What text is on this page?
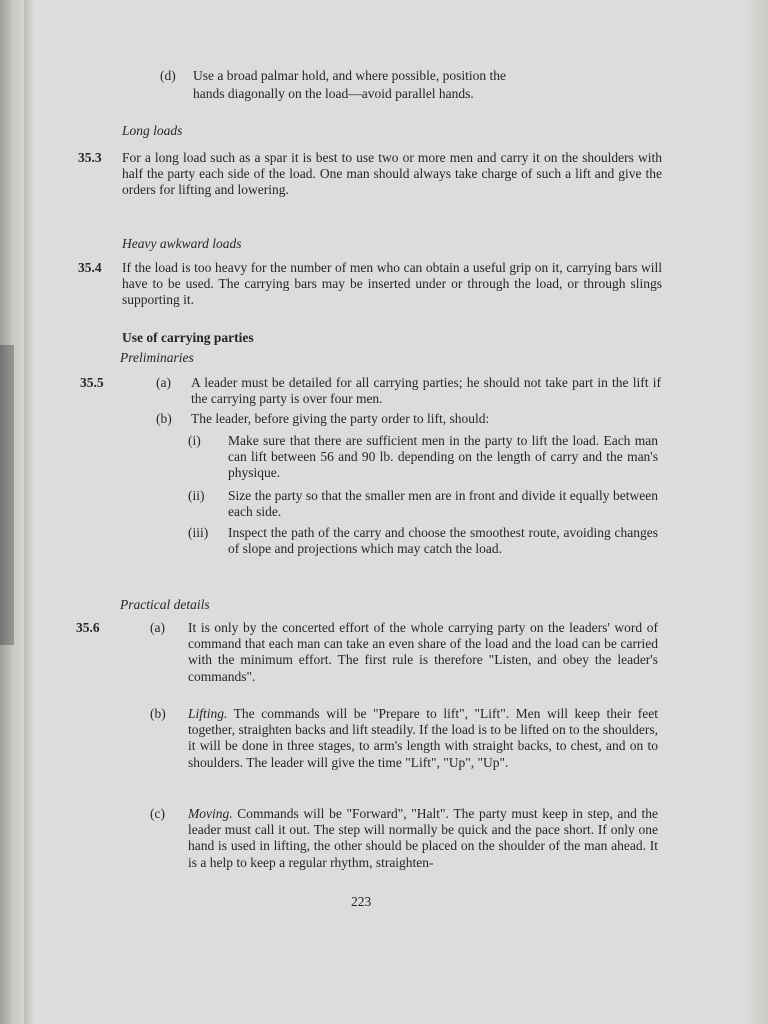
(d) Use a broad palmar hold, and where possible, position the
hands diagonally on the load—avoid parallel hands.
Long loads
35.3 For a long load such as a spar it is best to use two or more men and carry it on the shoulders with half the party each side of the load. One man should always take charge of such a lift and give the orders for lifting and lowering.
Heavy awkward loads
35.4 If the load is too heavy for the number of men who can obtain a useful grip on it, carrying bars will have to be used. The carrying bars may be inserted under or through the load, or through slings supporting it.
Use of carrying parties
Preliminaries
35.5	(a) A leader must be detailed for all carrying parties; he should not take part in the lift if the carrying party is over four men.
(b) The leader, before giving the party order to lift, should:
(i) Make sure that there are sufficient men in the party to lift the load. Each man can lift between 56 and 90 lb. depending on the length of carry and the man's physique.
(ii) Size the party so that the smaller men are in front and divide it equally between each side.
(iii) Inspect the path of the carry and choose the smoothest route, avoiding changes of slope and projections which may catch the load.
Practical details
35.6	(a) It is only by the concerted effort of the whole carrying party on the leaders' word of command that each man can take an even share of the load and the load can be carried with the minimum effort. The first rule is therefore "Listen, and obey the leader's commands".
(b) Lifting. The commands will be "Prepare to lift", "Lift". Men will keep their feet together, straighten backs and lift steadily. If the load is to be lifted on to the shoulders, it will be done in three stages, to arm's length with straight backs, to chest, and on to shoulders. The leader will give the time "Lift", "Up", "Up".
(c) Moving. Commands will be "Forward", "Halt". The party must keep in step, and the leader must call it out. The step will normally be quick and the pace short. If only one hand is used in lifting, the other should be placed on the shoulder of the man ahead. It is a help to keep a regular rhythm, straighten-
223
